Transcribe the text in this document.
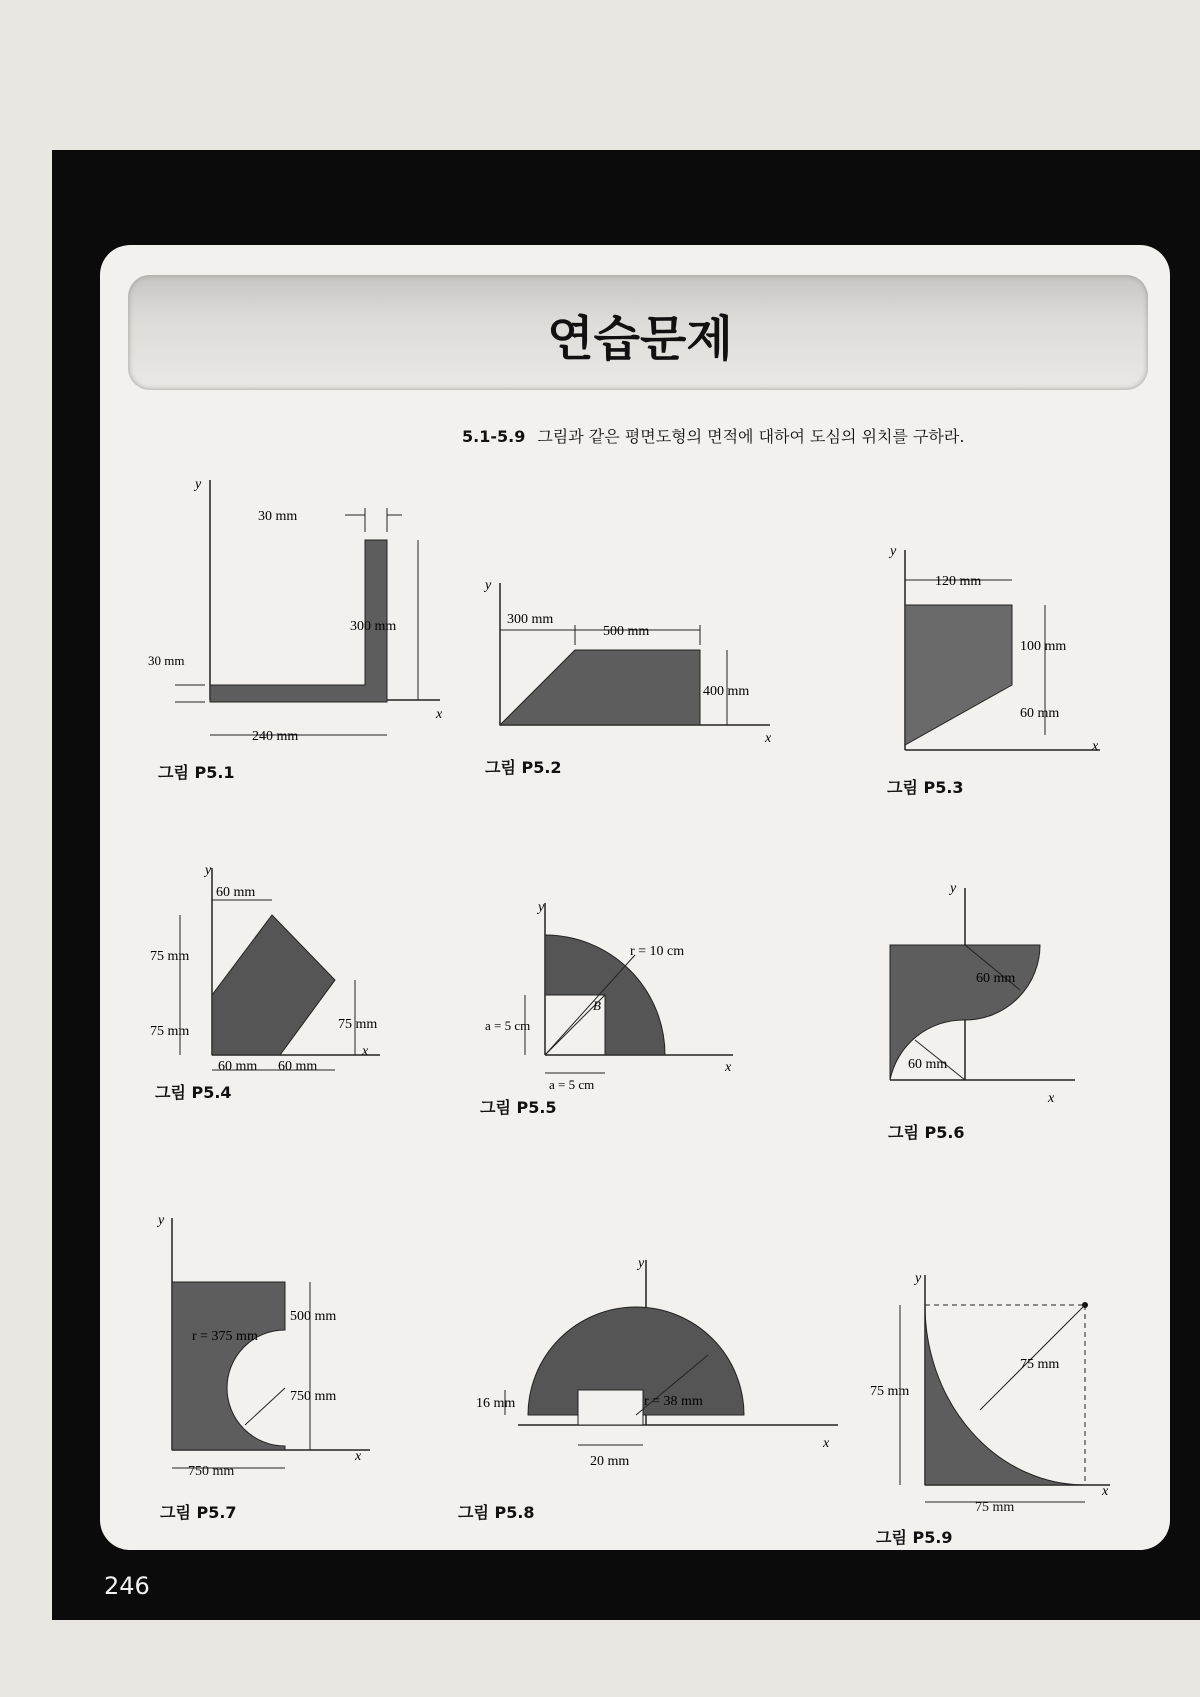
연습문제
5.1-5.9 그림과 같은 평면도형의 면적에 대하여 도심의 위치를 구하라.
y
x
30 mm
300 mm
30 mm
240 mm
그림 P5.1
y
x
300 mm
500 mm
400 mm
그림 P5.2
y
x
120 mm
100 mm
60 mm
그림 P5.3
y
x
60 mm
75 mm
75 mm	75 mm
60 mm 60 mm
그림 P5.4
y
x
r = 10 cm
B
a = 5 cm
a = 5 cm
그림 P5.5
y
x
60 mm
60 mm
그림 P5.6
y
x
r = 375 mm
500 mm
750 mm
750 mm
그림 P5.7
y
x
r = 38 mm
16 mm
20 mm
그림 P5.8
y
x
75 mm
75 mm
75 mm
그림 P5.9
246
